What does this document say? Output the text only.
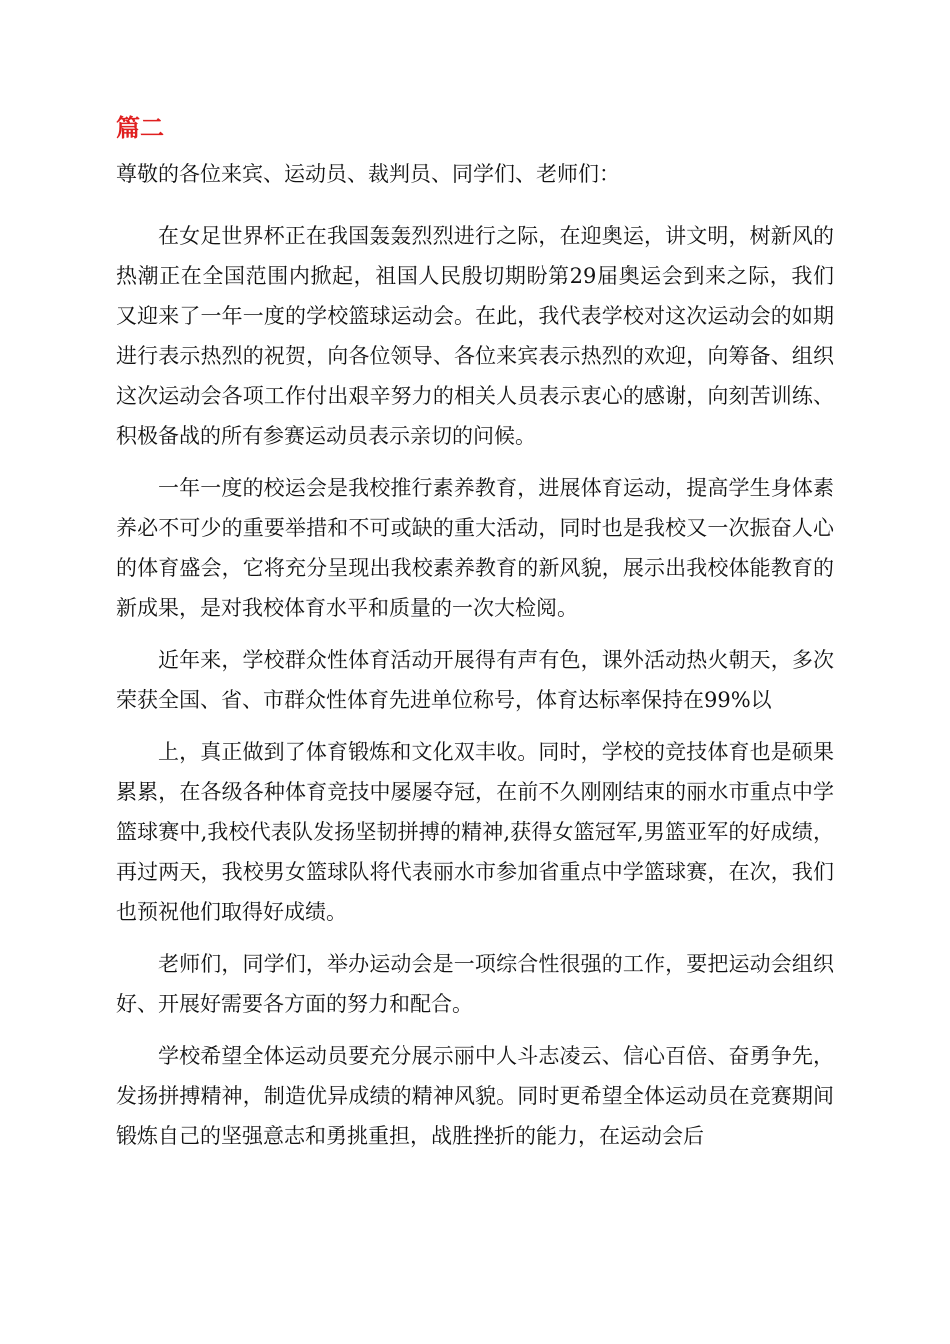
篇二

尊敬的各位来宾、运动员、裁判员、同学们、老师们：

在女足世界杯正在我国轰轰烈烈进行之际，在迎奥运，讲文明，树新风的热潮正在全国范围内掀起，祖国人民殷切期盼第29届奥运会到来之际，我们又迎来了一年一度的学校篮球运动会。在此，我代表学校对这次运动会的如期进行表示热烈的祝贺，向各位领导、各位来宾表示热烈的欢迎，向筹备、组织这次运动会各项工作付出艰辛努力的相关人员表示衷心的感谢，向刻苦训练、积极备战的所有参赛运动员表示亲切的问候。

一年一度的校运会是我校推行素养教育，进展体育运动，提高学生身体素养必不可少的重要举措和不可或缺的重大活动，同时也是我校又一次振奋人心的体育盛会，它将充分呈现出我校素养教育的新风貌，展示出我校体能教育的新成果，是对我校体育水平和质量的一次大检阅。

近年来，学校群众性体育活动开展得有声有色，课外活动热火朝天，多次荣获全国、省、市群众性体育先进单位称号，体育达标率保持在99%以

上，真正做到了体育锻炼和文化双丰收。同时，学校的竞技体育也是硕果累累，在各级各种体育竞技中屡屡夺冠，在前不久刚刚结束的丽水市重点中学篮球赛中,我校代表队发扬坚韧拼搏的精神,获得女篮冠军,男篮亚军的好成绩，再过两天，我校男女篮球队将代表丽水市参加省重点中学篮球赛，在次，我们也预祝他们取得好成绩。

老师们，同学们，举办运动会是一项综合性很强的工作，要把运动会组织好、开展好需要各方面的努力和配合。

学校希望全体运动员要充分展示丽中人斗志凌云、信心百倍、奋勇争先，发扬拼搏精神，制造优异成绩的精神风貌。同时更希望全体运动员在竞赛期间锻炼自己的坚强意志和勇挑重担，战胜挫折的能力，在运动会后
